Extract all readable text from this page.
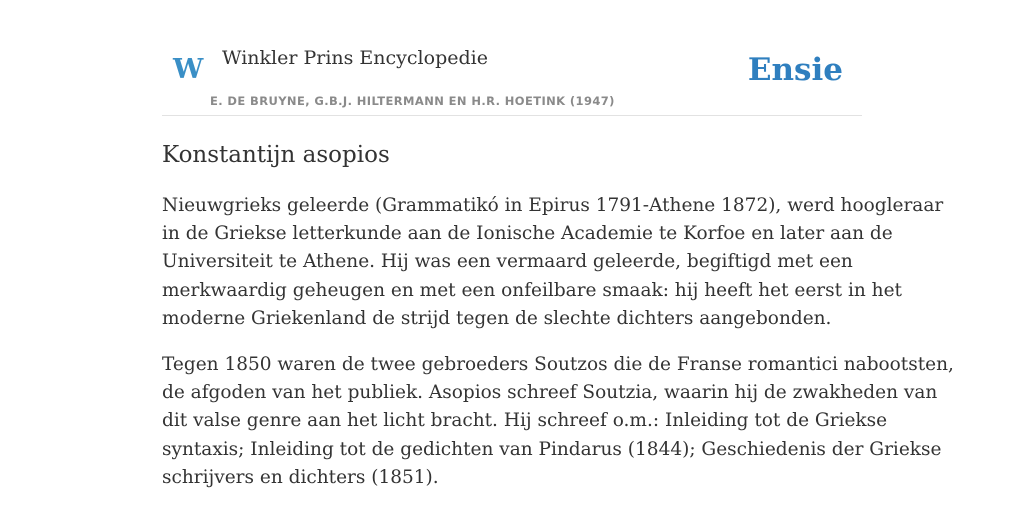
W Winkler Prins Encyclopedie
E. DE BRUYNE, G.B.J. HILTERMANN EN H.R. HOETINK (1947)
Ensie
Konstantijn asopios

Nieuwgrieks geleerde (Grammatikó in Epirus 1791-Athene 1872), werd hoogleraar
in de Griekse letterkunde aan de Ionische Academie te Korfoe en later aan de
Universiteit te Athene. Hij was een vermaard geleerde, begiftigd met een
merkwaardig geheugen en met een onfeilbare smaak: hij heeft het eerst in het
moderne Griekenland de strijd tegen de slechte dichters aangebonden.

Tegen 1850 waren de twee gebroeders Soutzos die de Franse romantici nabootsten,
de afgoden van het publiek. Asopios schreef Soutzia, waarin hij de zwakheden van
dit valse genre aan het licht bracht. Hij schreef o.m.: Inleiding tot de Griekse
syntaxis; Inleiding tot de gedichten van Pindarus (1844); Geschiedenis der Griekse
schrijvers en dichters (1851).
